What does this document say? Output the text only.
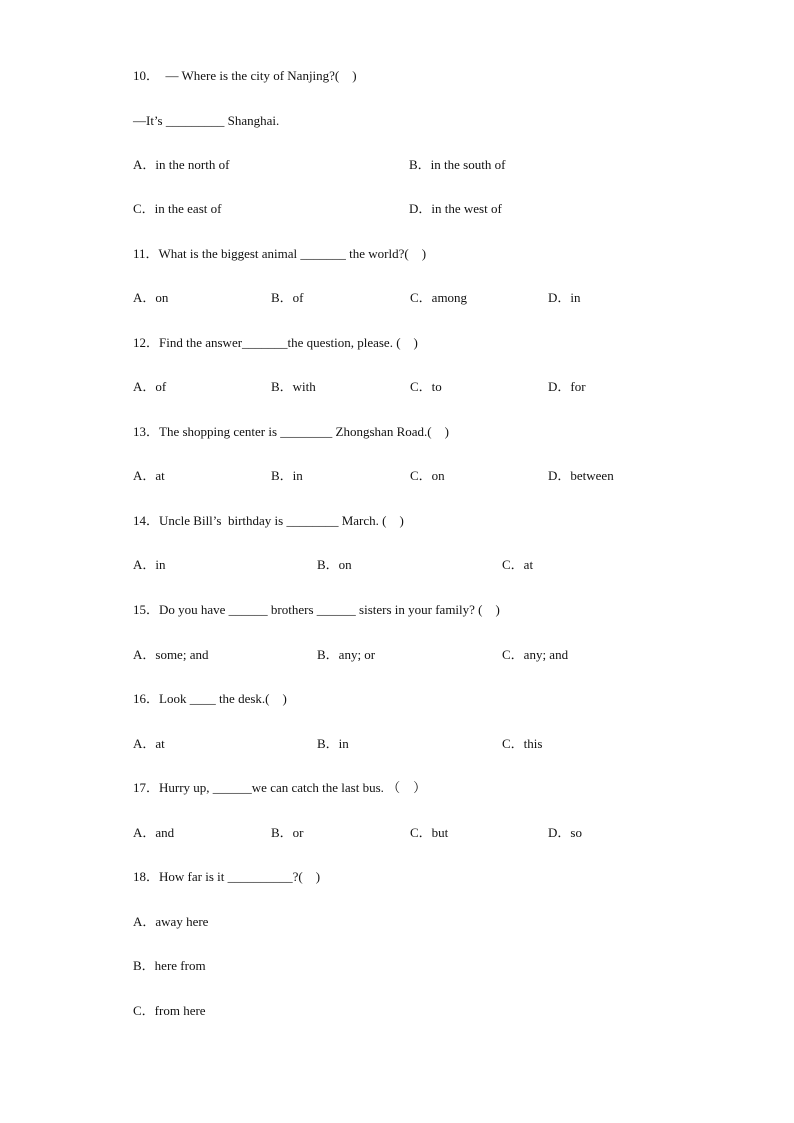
10．  — Where is the city of Nanjing?(    )
—It’s _________ Shanghai.
A．in the north of	B．in the south of
C．in the east of	D．in the west of
11．What is the biggest animal _______ the world?(    )
A．on	B．of	C．among	D．in
12．Find the answer_______the question, please. (    )
A．of	B．with	C．to	D．for
13．The shopping center is ________ Zhongshan Road.(    )
A．at	B．in	C．on	D．between
14．Uncle Bill’s  birthday is ________ March. (    )
A．in	B．on	C．at
15．Do you have ______ brothers ______ sisters in your family? (    )
A．some; and	B．any; or	C．any; and
16．Look ____ the desk.(    )
A．at	B．in	C．this
17．Hurry up, ______we can catch the last bus. （    ）
A．and	B．or	C．but	D．so
18．How far is it __________?(    )
A．away here
B．here from
C．from here
